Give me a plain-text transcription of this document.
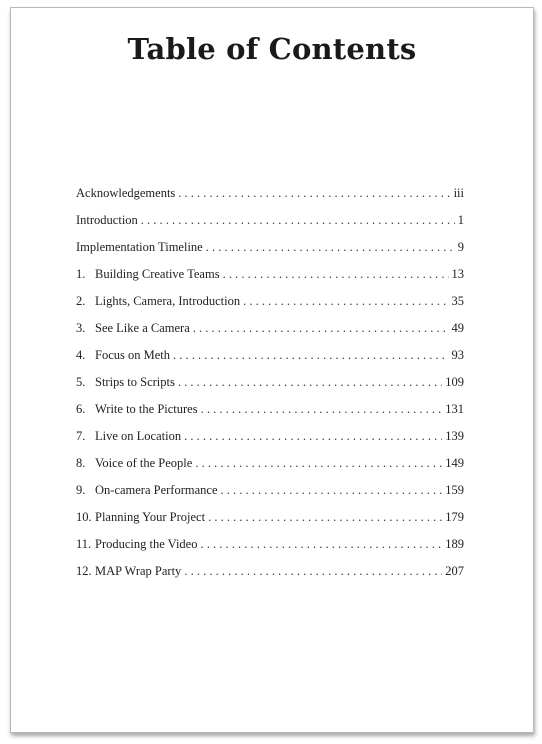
Table of Contents
Acknowledgements . . .	iii
Introduction . . .	1
Implementation Timeline . . .	9
1. Building Creative Teams . . .	13
2. Lights, Camera, Introduction . . .	35
3. See Like a Camera . . .	49
4. Focus on Meth . . .	93
5. Strips to Scripts . . .	109
6. Write to the Pictures . . .	131
7. Live on Location . . .	139
8. Voice of the People . . .	149
9. On-camera Performance . . .	159
10. Planning Your Project . . .	179
11. Producing the Video . . .	189
12. MAP Wrap Party . . .	207
